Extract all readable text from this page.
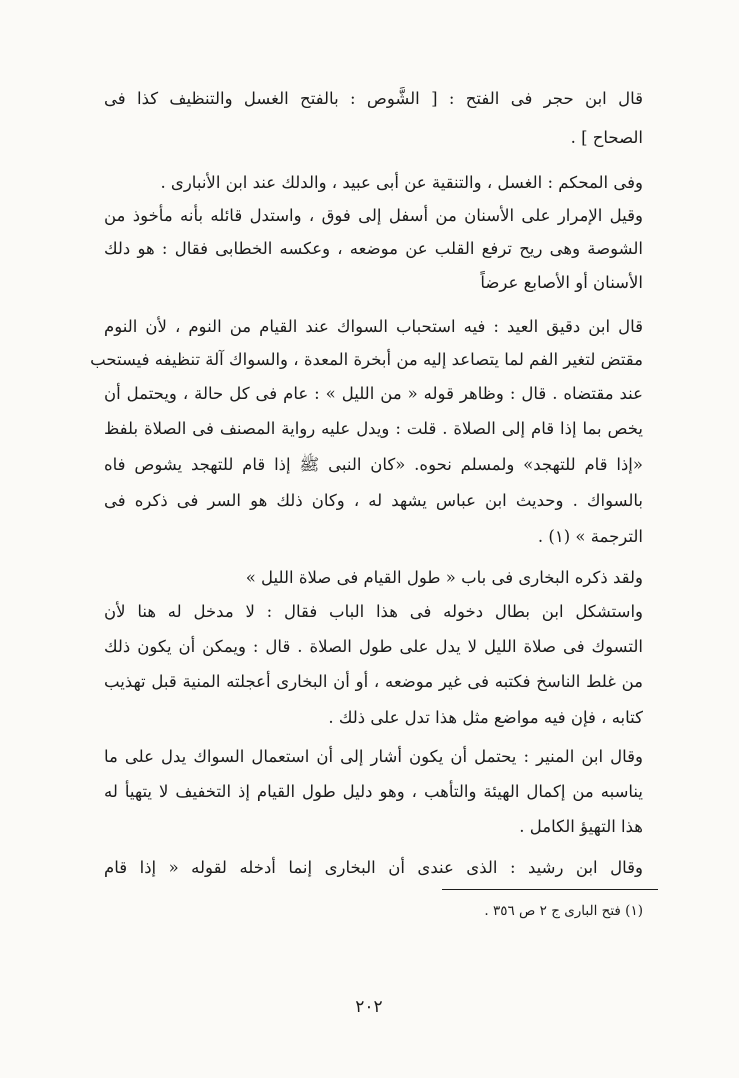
قال ابن حجر فى الفتح : [ الشَّوص : بالفتح الغسل والتنظيف كذا فى
الصحاح ] .
وفى المحكم : الغسل ، والتنقية عن أبى عبيد ، والدلك عند ابن الأنبارى .
وقيل الإمرار على الأسنان من أسفل إلى فوق ، واستدل قائله بأنه مأخوذ من
الشوصة وهى ريح ترفع القلب عن موضعه ، وعكسه الخطابى فقال : هو دلك
الأسنان أو الأصابع عرضاً
قال ابن دقيق العيد : فيه استحباب السواك عند القيام من النوم ، لأن النوم
مقتض لتغير الفم لما يتصاعد إليه من أبخرة المعدة ، والسواك آلة تنظيفه فيستحب
عند مقتضاه . قال : وظاهر قوله « من الليل » : عام فى كل حالة ، ويحتمل أن
يخص بما إذا قام إلى الصلاة . قلت : ويدل عليه رواية المصنف فى الصلاة بلفظ
«إذا قام للتهجد» ولمسلم نحوه. «كان النبى ﷺ إذا قام للتهجد يشوص فاه
بالسواك . وحديث ابن عباس يشهد له ، وكان ذلك هو السر فى ذكره فى
الترجمة » (١) .
ولقد ذكره البخارى فى باب « طول القيام فى صلاة الليل »
واستشكل ابن بطال دخوله فى هذا الباب فقال : لا مدخل له هنا لأن
التسوك فى صلاة الليل لا يدل على طول الصلاة . قال : ويمكن أن يكون ذلك
من غلط الناسخ فكتبه فى غير موضعه ، أو أن البخارى أعجلته المنية قبل تهذيب
كتابه ، فإن فيه مواضع مثل هذا تدل على ذلك .
وقال ابن المنير : يحتمل أن يكون أشار إلى أن استعمال السواك يدل على ما
يناسبه من إكمال الهيئة والتأهب ، وهو دليل طول القيام إذ التخفيف لا يتهيأ له
هذا التهيؤ الكامل .
وقال ابن رشيد : الذى عندى أن البخارى إنما أدخله لقوله « إذا قام
(١) فتح البارى ج ٢ ص ٣٥٦ .
٢٠٢
